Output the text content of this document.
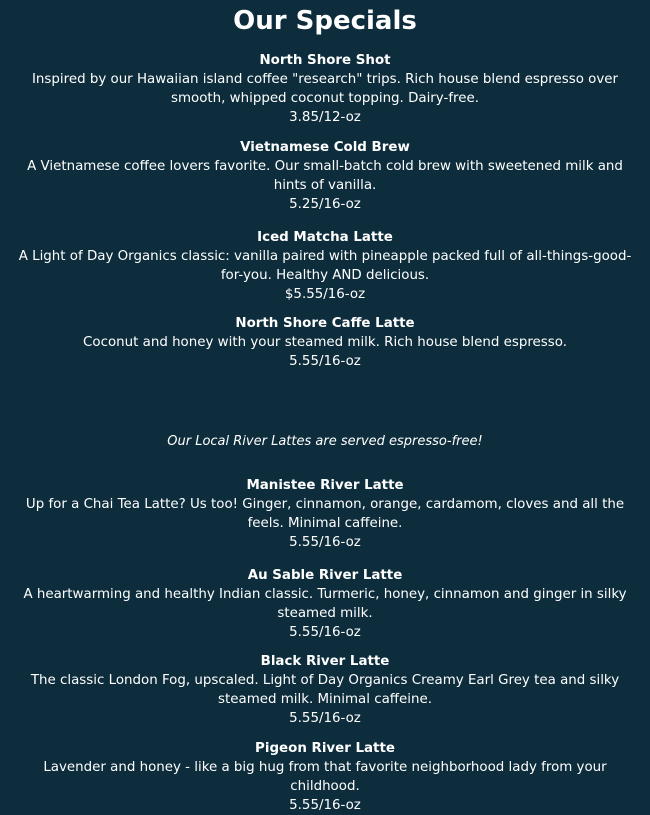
Our Specials
North Shore Shot
Inspired by our Hawaiian island coffee "research" trips. Rich house blend espresso over smooth, whipped coconut topping. Dairy-free.
3.85/12-oz
Vietnamese Cold Brew
A Vietnamese coffee lovers favorite. Our small-batch cold brew with sweetened milk and hints of vanilla.
5.25/16-oz
Iced Matcha Latte
A Light of Day Organics classic: vanilla paired with pineapple packed full of all-things-good-for-you. Healthy AND delicious.
$5.55/16-oz
North Shore Caffe Latte
Coconut and honey with your steamed milk. Rich house blend espresso.
5.55/16-oz
Our Local River Lattes are served espresso-free!
Manistee River Latte
Up for a Chai Tea Latte? Us too! Ginger, cinnamon, orange, cardamom, cloves and all the feels. Minimal caffeine.
5.55/16-oz
Au Sable River Latte
A heartwarming and healthy Indian classic. Turmeric, honey, cinnamon and ginger in silky steamed milk.
5.55/16-oz
Black River Latte
The classic London Fog, upscaled. Light of Day Organics Creamy Earl Grey tea and silky steamed milk. Minimal caffeine.
5.55/16-oz
Pigeon River Latte
Lavender and honey - like a big hug from that favorite neighborhood lady from your childhood.
5.55/16-oz
